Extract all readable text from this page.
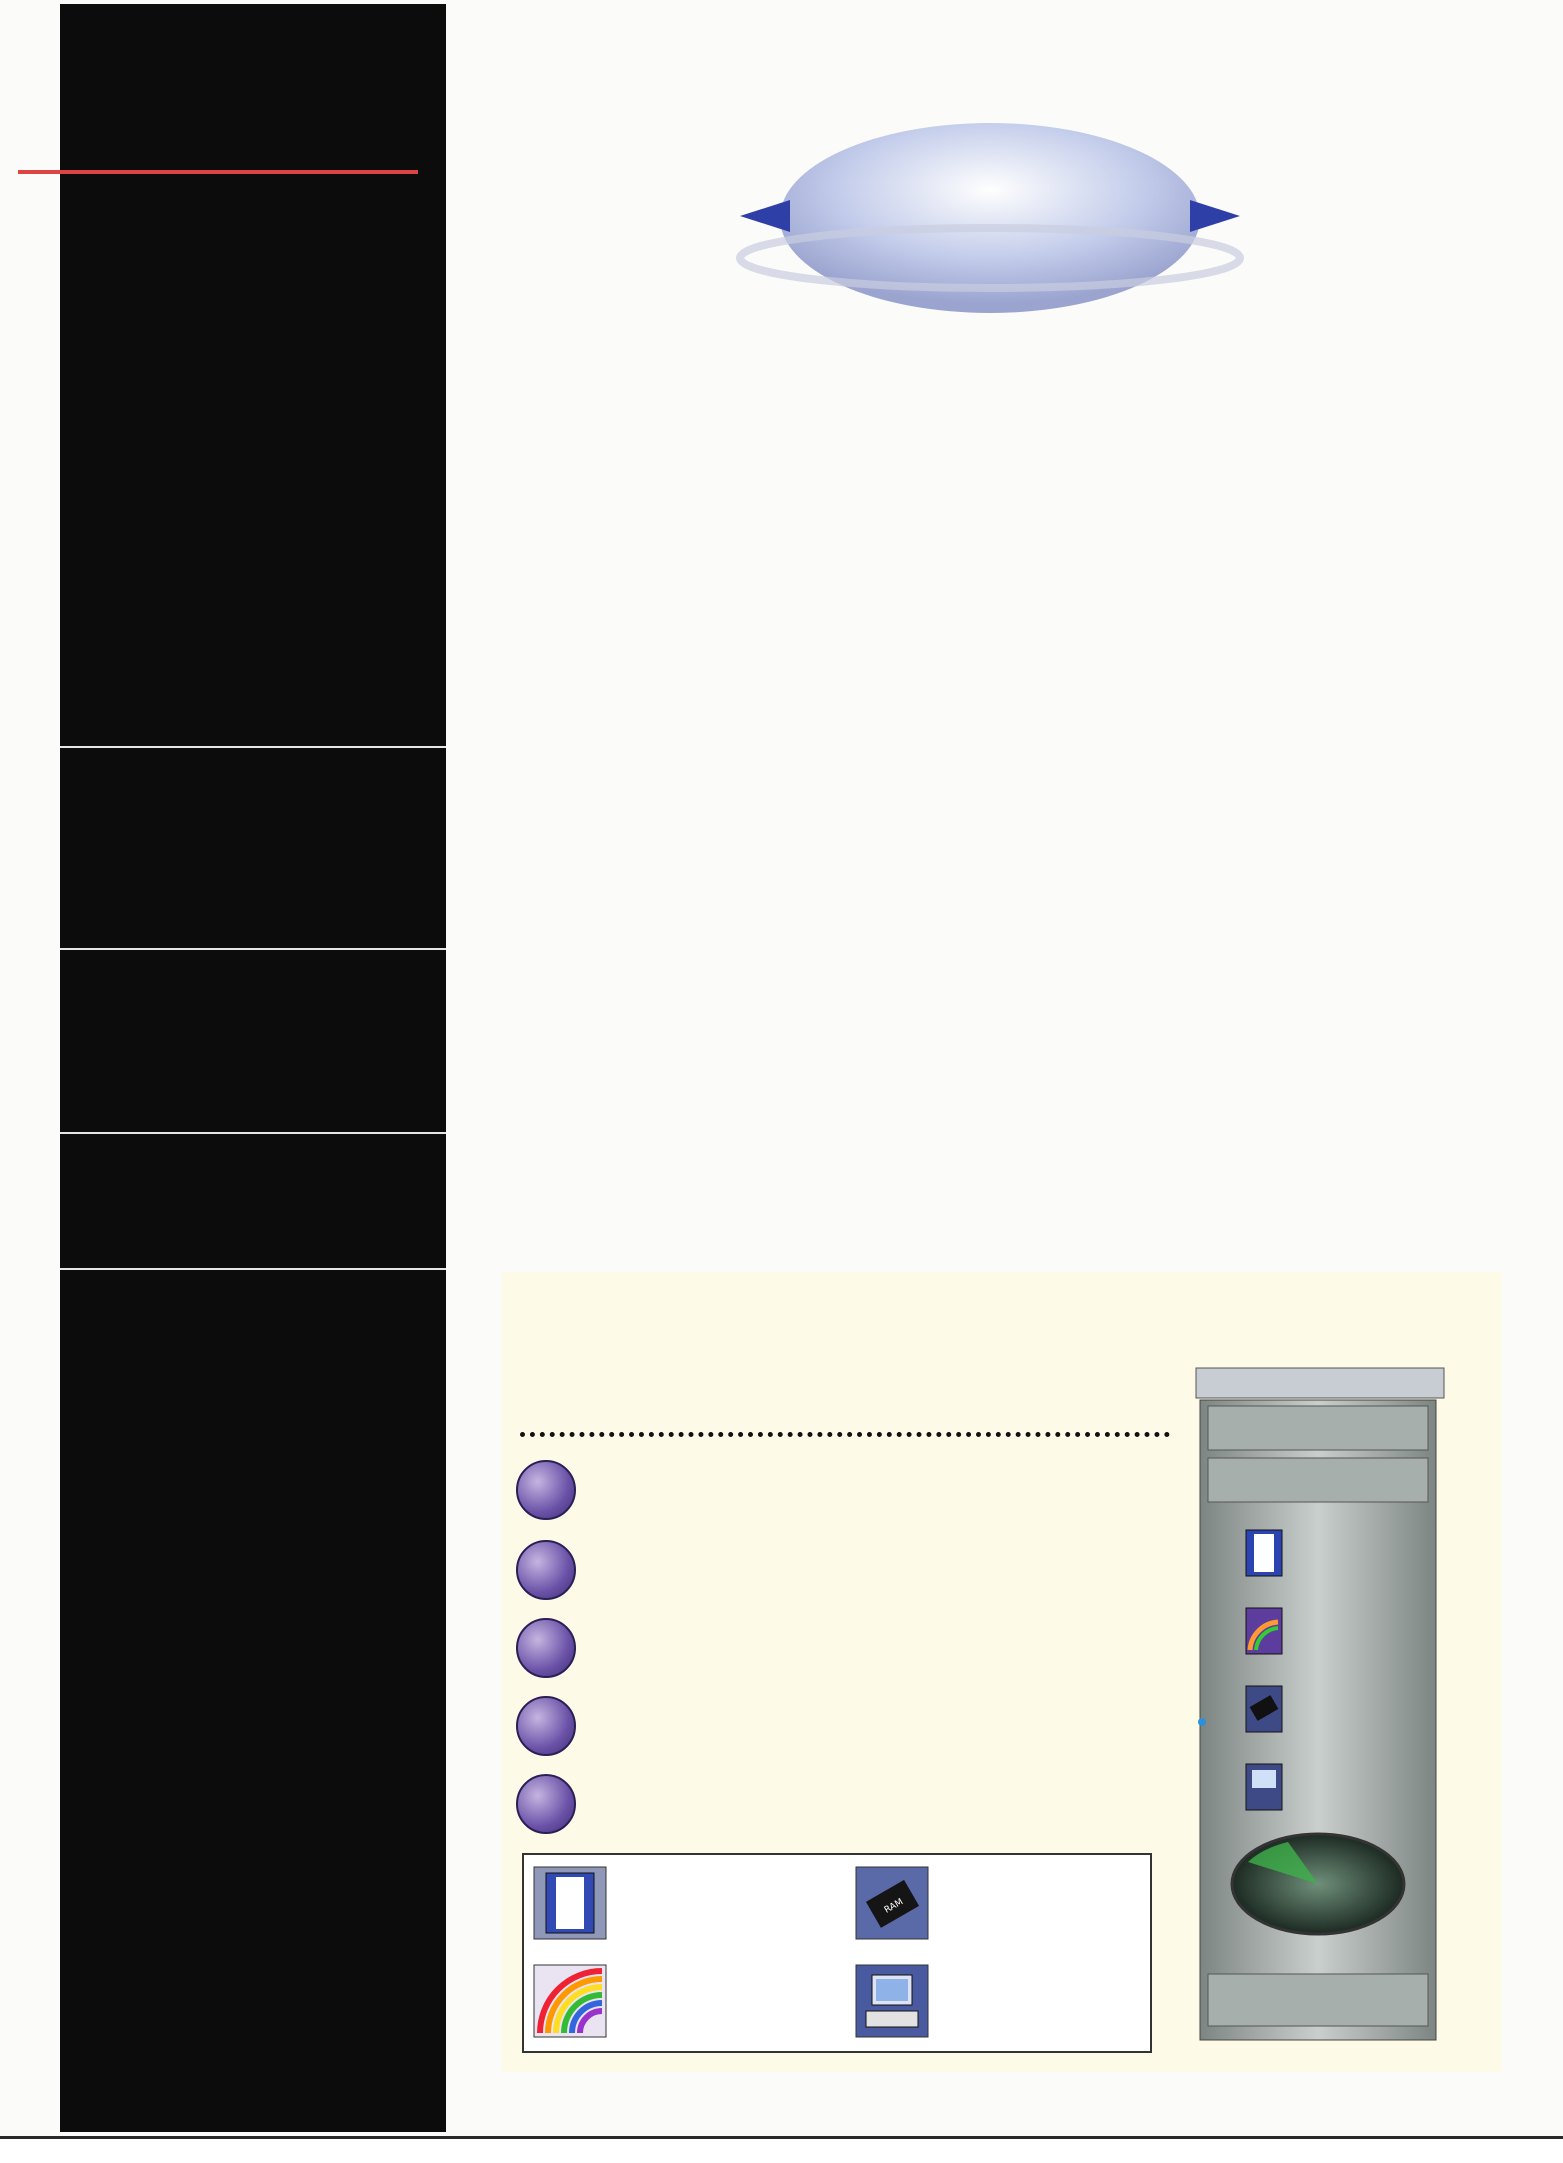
RAM
